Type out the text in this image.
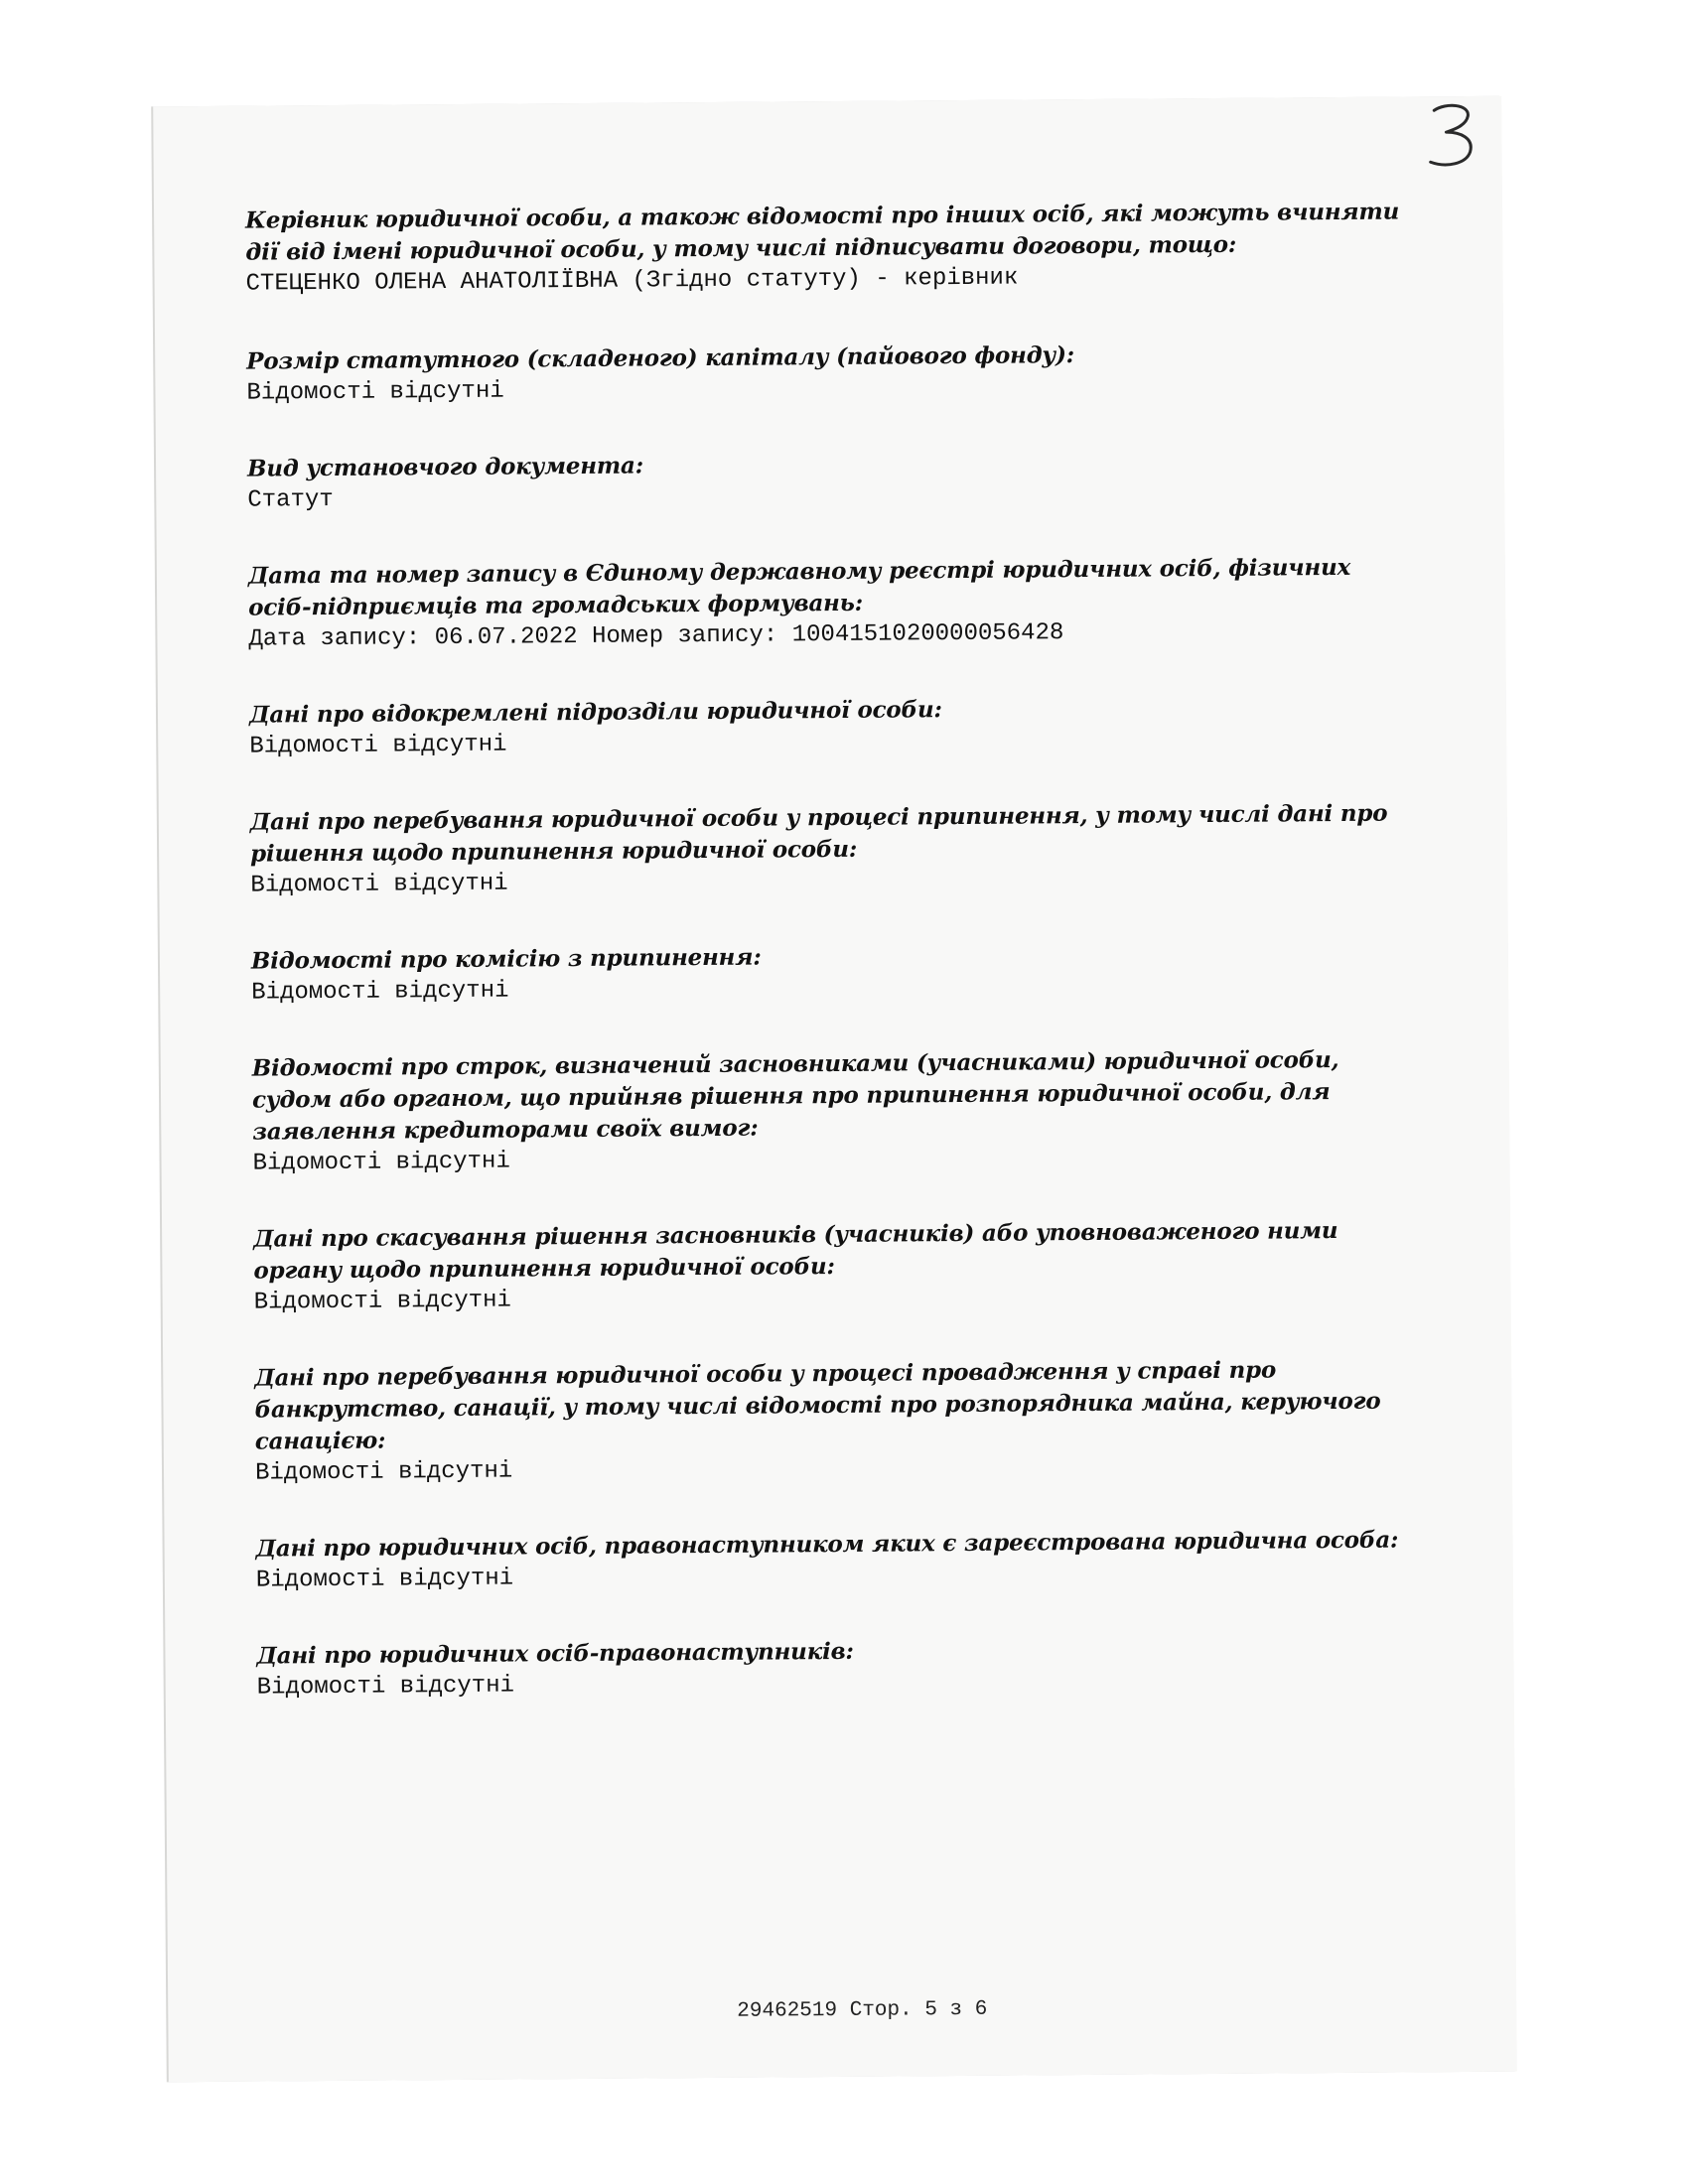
Керівник юридичної особи, а також відомості про інших осіб, які можуть вчиняти дії від імені юридичної особи, у тому числі підписувати договори, тощо:
СТЕЦЕНКО ОЛЕНА АНАТОЛІЇВНА (Згідно статуту) - керівник
Розмір статутного (складеного) капіталу (пайового фонду):
Відомості відсутні
Вид установчого документа:
Статут
Дата та номер запису в Єдиному державному реєстрі юридичних осіб, фізичних осіб-підприємців та громадських формувань:
Дата запису: 06.07.2022 Номер запису: 1004151020000056428
Дані про відокремлені підрозділи юридичної особи:
Відомості відсутні
Дані про перебування юридичної особи у процесі припинення, у тому числі дані про рішення щодо припинення юридичної особи:
Відомості відсутні
Відомості про комісію з припинення:
Відомості відсутні
Відомості про строк, визначений засновниками (учасниками) юридичної особи, судом або органом, що прийняв рішення про припинення юридичної особи, для заявлення кредиторами своїх вимог:
Відомості відсутні
Дані про скасування рішення засновників (учасників) або уповноваженого ними органу щодо припинення юридичної особи:
Відомості відсутні
Дані про перебування юридичної особи у процесі провадження у справі про банкрутство, санації, у тому числі відомості про розпорядника майна, керуючого санацією:
Відомості відсутні
Дані про юридичних осіб, правонаступником яких є зареєстрована юридична особа:
Відомості відсутні
Дані про юридичних осіб-правонаступників:
Відомості відсутні
29462519 Стор. 5 з 6
